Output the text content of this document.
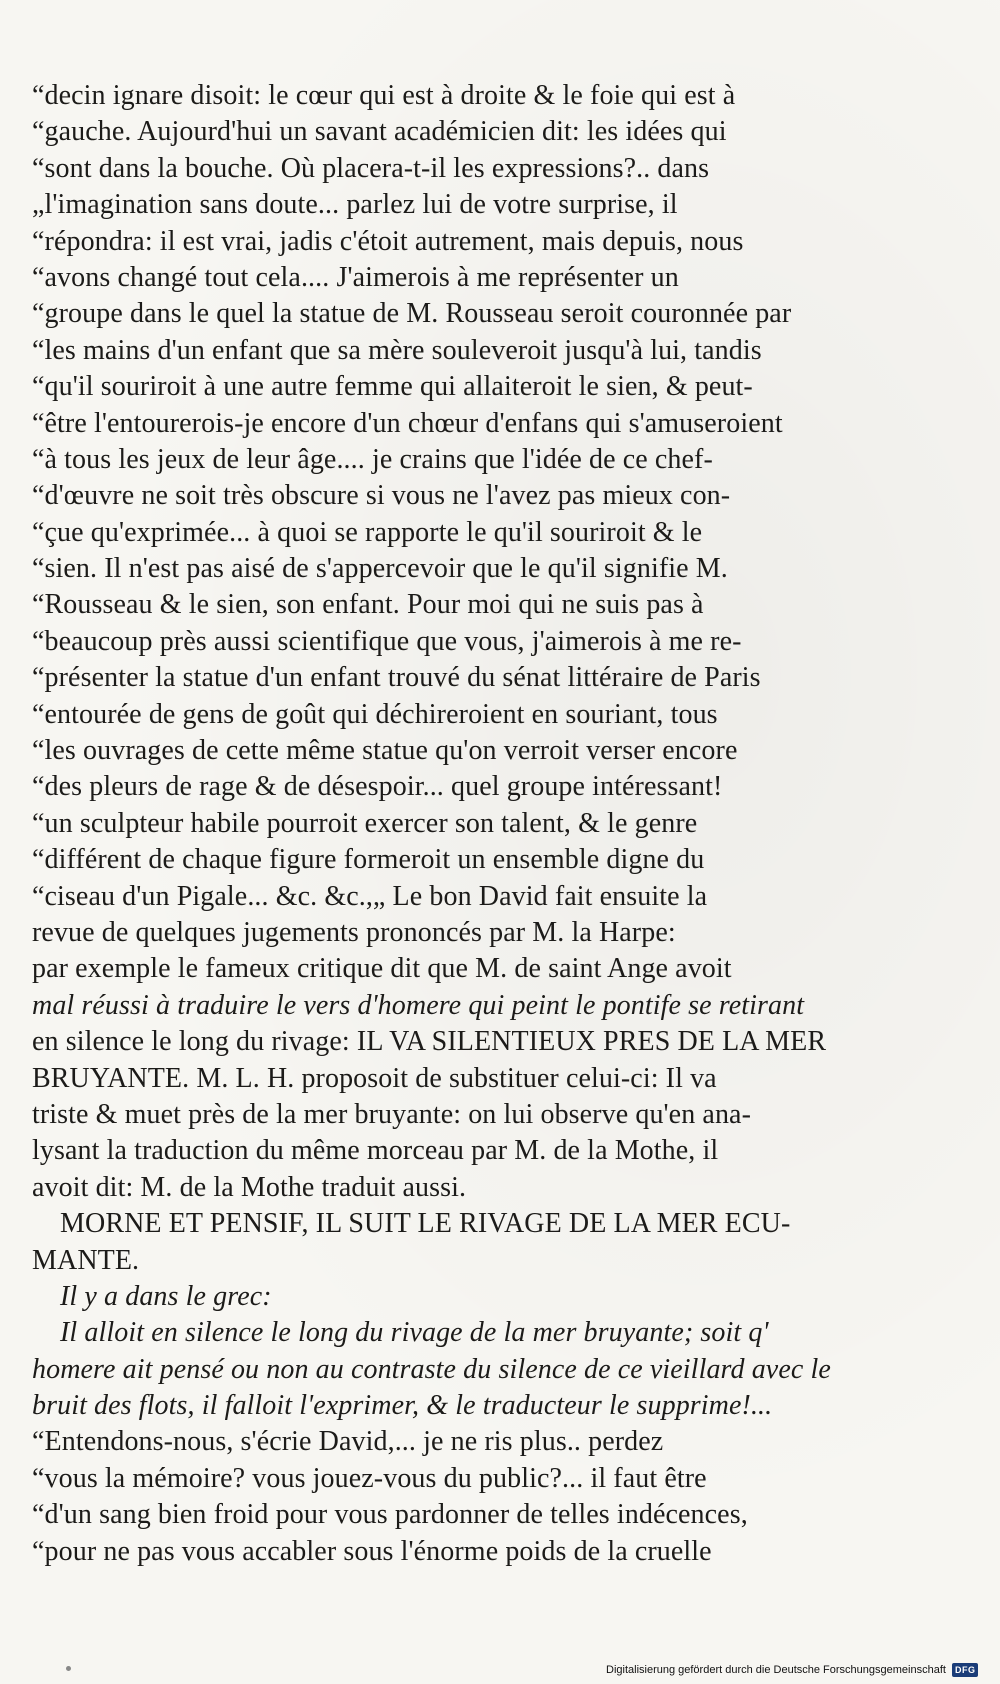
“decin ignare disoit: le cœur qui est à droite & le foie qui est à
“gauche. Aujourd'hui un savant académicien dit: les idées qui
“sont dans la bouche. Où placera-t-il les expressions?.. dans
„l'imagination sans doute... parlez lui de votre surprise, il
“répondra: il est vrai, jadis c'étoit autrement, mais depuis, nous
“avons changé tout cela.... J'aimerois à me représenter un
“groupe dans le quel la statue de M. Rousseau seroit couronnée par
“les mains d'un enfant que sa mère souleveroit jusqu'à lui, tandis
“qu'il souriroit à une autre femme qui allaiteroit le sien, & peut-
“être l'entourerois-je encore d'un chœur d'enfans qui s'amuseroient
“à tous les jeux de leur âge.... je crains que l'idée de ce chef-
“d'œuvre ne soit très obscure si vous ne l'avez pas mieux con-
“çue qu'exprimée... à quoi se rapporte le qu'il souriroit & le
“sien. Il n'est pas aisé de s'appercevoir que le qu'il signifie M.
“Rousseau & le sien, son enfant. Pour moi qui ne suis pas à
“beaucoup près aussi scientifique que vous, j'aimerois à me re-
“présenter la statue d'un enfant trouvé du sénat littéraire de Paris
“entourée de gens de goût qui déchireroient en souriant, tous
“les ouvrages de cette même statue qu'on verroit verser encore
“des pleurs de rage & de désespoir... quel groupe intéressant!
“un sculpteur habile pourroit exercer son talent, & le genre
“différent de chaque figure formeroit un ensemble digne du
“ciseau d'un Pigale... &c. &c.,„ Le bon David fait ensuite la
revue de quelques jugements prononcés par M. la Harpe:
par exemple le fameux critique dit que M. de saint Ange avoit
mal réussi à traduire le vers d'homere qui peint le pontife se retirant
en silence le long du rivage: IL VA SILENTIEUX PRES DE LA MER
BRUYANTE. M. L. H. proposoit de substituer celui-ci: Il va
triste & muet près de la mer bruyante: on lui observe qu'en ana-
lysant la traduction du même morceau par M. de la Mothe, il
avoit dit: M. de la Mothe traduit aussi.
MORNE ET PENSIF, IL SUIT LE RIVAGE DE LA MER ECU-
MANTE.
Il y a dans le grec:
Il alloit en silence le long du rivage de la mer bruyante; soit q'
homere ait pensé ou non au contraste du silence de ce vieillard avec le
bruit des flots, il falloit l'exprimer, & le traducteur le supprime!...
“Entendons-nous, s'écrie David,... je ne ris plus.. perdez
“vous la mémoire? vous jouez-vous du public?... il faut être
“d'un sang bien froid pour vous pardonner de telles indécences,
“pour ne pas vous accabler sous l'énorme poids de la cruelle
Digitalisierung gefördert durch die Deutsche Forschungsgemeinschaft	DFG
